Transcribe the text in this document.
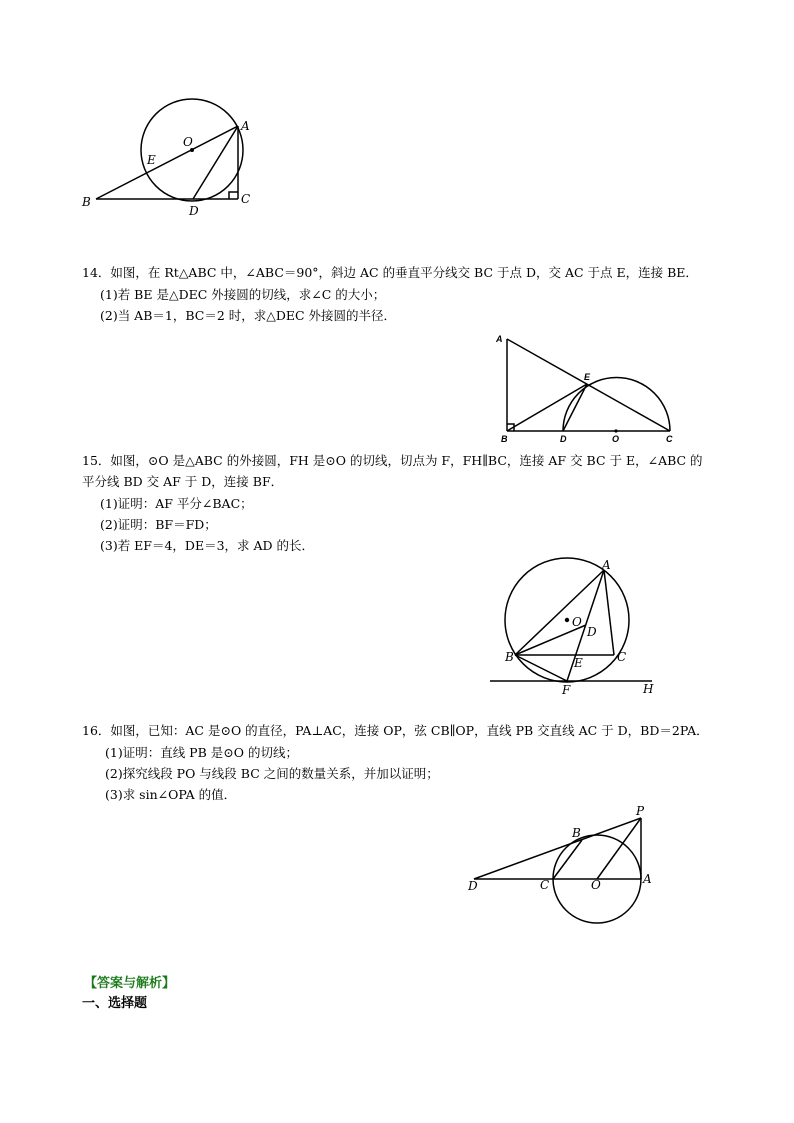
O
A
E
B
D
C
14．如图，在 Rt△ABC 中，∠ABC＝90°，斜边 AC 的垂直平分线交 BC 于点 D，交 AC 于点 E，连接 BE．
(1)若 BE 是△DEC 外接圆的切线，求∠C 的大小；
(2)当 AB＝1，BC＝2 时，求△DEC 外接圆的半径．
A
E
B	D	O	C
15．如图，⊙O 是△ABC 的外接圆，FH 是⊙O 的切线，切点为 F，FH∥BC，连接 AF 交 BC 于 E，∠ABC 的
平分线 BD 交 AF 于 D，连接 BF．
(1)证明：AF 平分∠BAC；
(2)证明：BF＝FD；
(3)若 EF＝4，DE＝3，求 AD 的长．
A
O
D
B	C
E
F	H
16．如图，已知：AC 是⊙O 的直径，PA⊥AC，连接 OP，弦 CB∥OP，直线 PB 交直线 AC 于 D，BD＝2PA．
(1)证明：直线 PB 是⊙O 的切线；
(2)探究线段 PO 与线段 BC 之间的数量关系，并加以证明；
(3)求 sin∠OPA 的值．
P
B
D	C	O	A
【答案与解析】
一、选择题
